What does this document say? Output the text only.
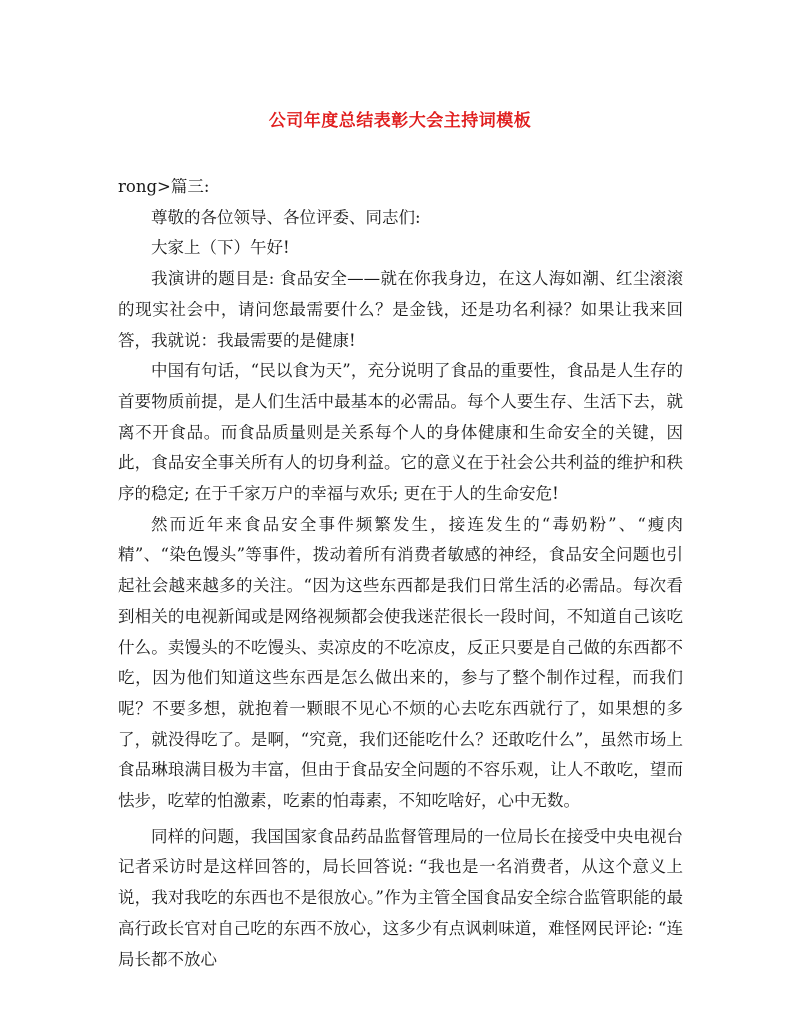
公司年度总结表彰大会主持词模板

rong>篇三:

尊敬的各位领导、各位评委、同志们:

大家上（下）午好!

我演讲的题目是: 食品安全——就在你我身边，在这人海如潮、红尘滚滚的现实社会中，请问您最需要什么？是金钱，还是功名利禄？如果让我来回答，我就说：我最需要的是健康!

中国有句话，“民以食为天”，充分说明了食品的重要性，食品是人生存的首要物质前提，是人们生活中最基本的必需品。每个人要生存、生活下去，就离不开食品。而食品质量则是关系每个人的身体健康和生命安全的关键，因此，食品安全事关所有人的切身利益。它的意义在于社会公共利益的维护和秩序的稳定; 在于千家万户的幸福与欢乐; 更在于人的生命安危!

然而近年来食品安全事件频繁发生，接连发生的“毒奶粉”、“瘦肉精”、“染色馒头”等事件，拨动着所有消费者敏感的神经，食品安全问题也引起社会越来越多的关注。“因为这些东西都是我们日常生活的必需品。每次看到相关的电视新闻或是网络视频都会使我迷茫很长一段时间，不知道自己该吃什么。卖馒头的不吃馒头、卖凉皮的不吃凉皮，反正只要是自己做的东西都不吃，因为他们知道这些东西是怎么做出来的，参与了整个制作过程，而我们呢？不要多想，就抱着一颗眼不见心不烦的心去吃东西就行了，如果想的多了，就没得吃了。是啊，“究竟，我们还能吃什么？还敢吃什么”，虽然市场上食品琳琅满目极为丰富，但由于食品安全问题的不容乐观，让人不敢吃，望而怯步，吃荤的怕激素，吃素的怕毒素，不知吃啥好，心中无数。

同样的问题，我国国家食品药品监督管理局的一位局长在接受中央电视台记者采访时是这样回答的，局长回答说: “我也是一名消费者，从这个意义上说，我对我吃的东西也不是很放心。”作为主管全国食品安全综合监管职能的最高行政长官对自己吃的东西不放心，这多少有点讽刺味道，难怪网民评论: “连局长都不放心
